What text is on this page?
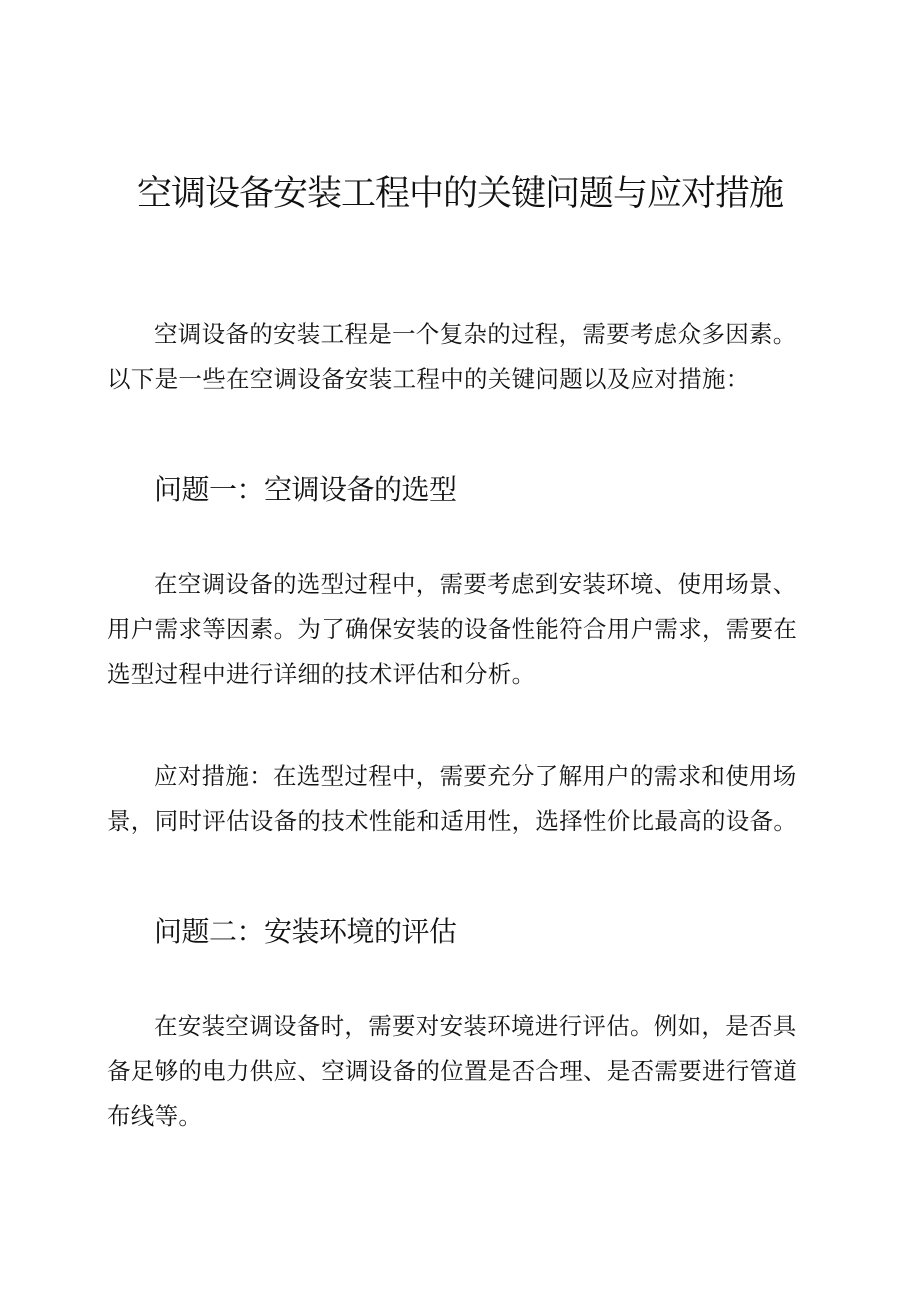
空调设备安装工程中的关键问题与应对措施

空调设备的安装工程是一个复杂的过程，需要考虑众多因素。以下是一些在空调设备安装工程中的关键问题以及应对措施：

问题一：空调设备的选型

在空调设备的选型过程中，需要考虑到安装环境、使用场景、用户需求等因素。为了确保安装的设备性能符合用户需求，需要在选型过程中进行详细的技术评估和分析。

应对措施：在选型过程中，需要充分了解用户的需求和使用场景，同时评估设备的技术性能和适用性，选择性价比最高的设备。

问题二：安装环境的评估

在安装空调设备时，需要对安装环境进行评估。例如，是否具备足够的电力供应、空调设备的位置是否合理、是否需要进行管道布线等。
